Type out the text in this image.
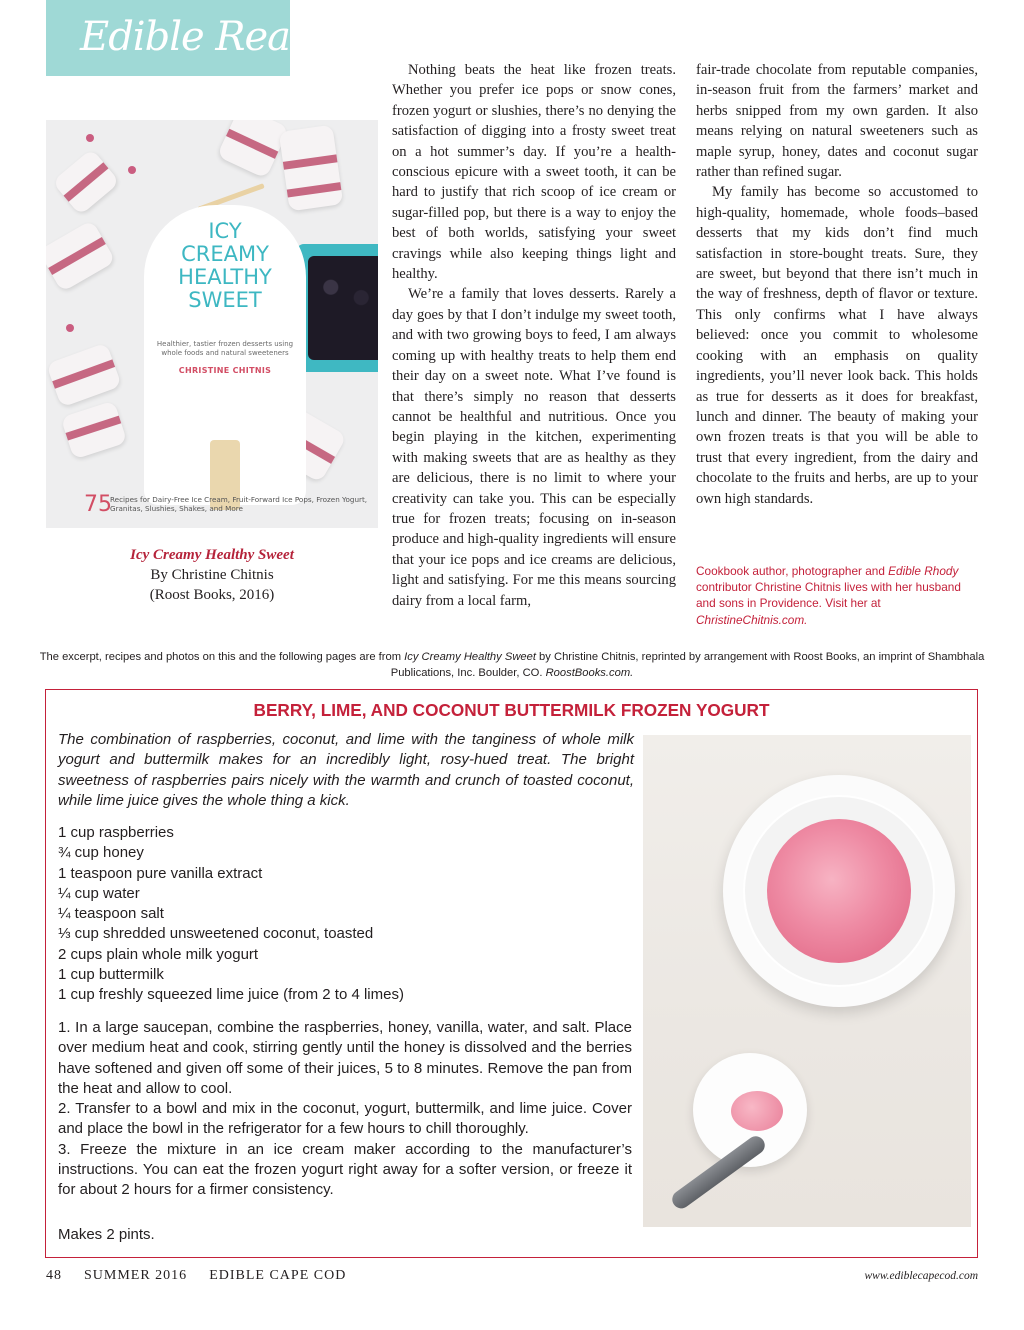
Edible Reads
ICY
CREAMY
HEALTHY
SWEET
Healthier, tastier frozen desserts using whole foods and natural sweeteners
CHRISTINE CHITNIS
75
Recipes for Dairy-Free Ice Cream, Fruit-Forward Ice Pops, Frozen Yogurt, Granitas, Slushies, Shakes, and More
Icy Creamy Healthy Sweet
By Christine Chitnis
(Roost Books, 2016)

Nothing beats the heat like frozen treats. Whether you prefer ice pops or snow cones, frozen yogurt or slushies, there’s no denying the satisfaction of digging into a frosty sweet treat on a hot summer’s day. If you’re a health-conscious epicure with a sweet tooth, it can be hard to justify that rich scoop of ice cream or sugar-filled pop, but there is a way to enjoy the best of both worlds, satisfying your sweet cravings while also keeping things light and healthy.

We’re a family that loves desserts. Rarely a day goes by that I don’t indulge my sweet tooth, and with two growing boys to feed, I am always coming up with healthy treats to help them end their day on a sweet note. What I’ve found is that there’s simply no reason that desserts cannot be healthful and nutritious. Once you begin playing in the kitchen, experimenting with making sweets that are as healthy as they are delicious, there is no limit to where your creativity can take you. This can be especially true for frozen treats; focusing on in-season produce and high-quality ingredients will ensure that your ice pops and ice creams are delicious, light and satisfying. For me this means sourcing dairy from a local farm,

fair-trade chocolate from reputable companies, in-season fruit from the farmers’ market and herbs snipped from my own garden. It also means relying on natural sweeteners such as maple syrup, honey, dates and coconut sugar rather than refined sugar.

My family has become so accustomed to high-quality, homemade, whole foods–based desserts that my kids don’t find much satisfaction in store-bought treats. Sure, they are sweet, but beyond that there isn’t much in the way of freshness, depth of flavor or texture. This only confirms what I have always believed: once you commit to wholesome cooking with an emphasis on quality ingredients, you’ll never look back. This holds as true for desserts as it does for breakfast, lunch and dinner. The beauty of making your own frozen treats is that you will be able to trust that every ingredient, from the dairy and chocolate to the fruits and herbs, are up to your own high standards.

Cookbook author, photographer and Edible Rhody contributor Christine Chitnis lives with her husband and sons in Providence. Visit her at ChristineChitnis.com.
The excerpt, recipes and photos on this and the following pages are from Icy Creamy Healthy Sweet by Christine Chitnis, reprinted by arrangement with Roost Books, an imprint of Shambhala Publications, Inc. Boulder, CO. RoostBooks.com.
BERRY, LIME, AND COCONUT BUTTERMILK FROZEN YOGURT
The combination of raspberries, coconut, and lime with the tanginess of whole milk yogurt and buttermilk makes for an incredibly light, rosy-hued treat. The bright sweetness of raspberries pairs nicely with the warmth and crunch of toasted coconut, while lime juice gives the whole thing a kick.
1 cup raspberries
¾ cup honey
1 teaspoon pure vanilla extract
¼ cup water
¼ teaspoon salt
⅓ cup shredded unsweetened coconut, toasted
2 cups plain whole milk yogurt
1 cup buttermilk
1 cup freshly squeezed lime juice (from 2 to 4 limes)

1. In a large saucepan, combine the raspberries, honey, vanilla, water, and salt. Place over medium heat and cook, stirring gently until the honey is dissolved and the berries have softened and given off some of their juices, 5 to 8 minutes. Remove the pan from the heat and allow to cool.

2. Transfer to a bowl and mix in the coconut, yogurt, buttermilk, and lime juice. Cover and place the bowl in the refrigerator for a few hours to chill thoroughly.

3. Freeze the mixture in an ice cream maker according to the manufacturer’s instructions. You can eat the frozen yogurt right away for a softer version, or freeze it for about 2 hours for a firmer consistency.

Makes 2 pints.
48 SUMMER 2016 EDIBLE CAPE COD	www.ediblecapecod.com
